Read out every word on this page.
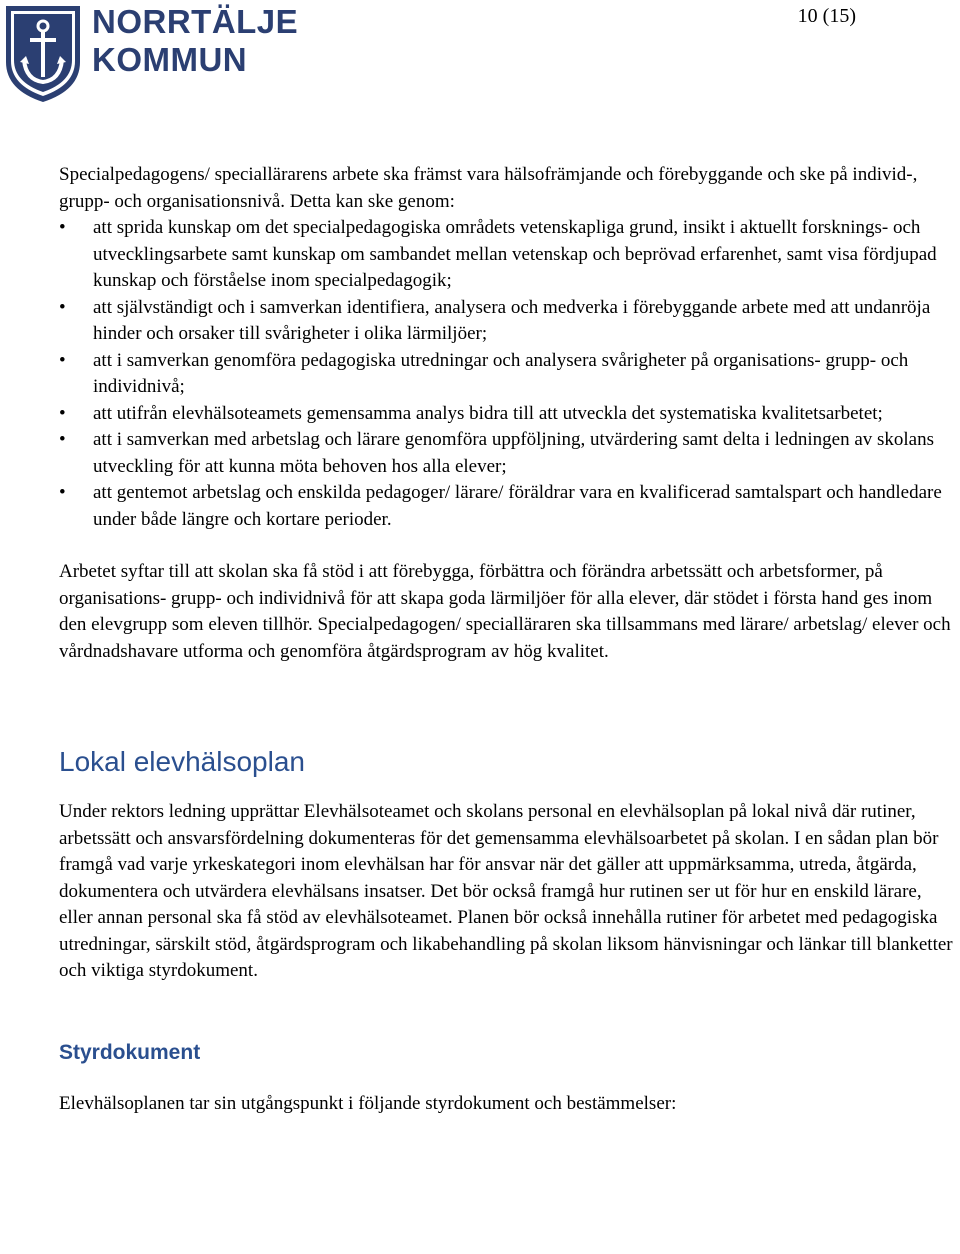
NORRTÄLJE
KOMMUN
10 (15)

Specialpedagogens/ speciallärarens arbete ska främst vara hälsofrämjande och förebyggande och ske på individ-, grupp- och organisationsnivå. Detta kan ske genom:

• att sprida kunskap om det specialpedagogiska områdets vetenskapliga grund, insikt i aktuellt forsknings- och utvecklingsarbete samt kunskap om sambandet mellan vetenskap och beprövad erfarenhet, samt visa fördjupad kunskap och förståelse inom specialpedagogik;
• att självständigt och i samverkan identifiera, analysera och medverka i förebyggande arbete med att undanröja hinder och orsaker till svårigheter i olika lärmiljöer;
• att i samverkan genomföra pedagogiska utredningar och analysera svårigheter på organisations- grupp- och individnivå;
• att utifrån elevhälsoteamets gemensamma analys bidra till att utveckla det systematiska kvalitetsarbetet;
• att i samverkan med arbetslag och lärare genomföra uppföljning, utvärdering samt delta i ledningen av skolans utveckling för att kunna möta behoven hos alla elever;
• att gentemot arbetslag och enskilda pedagoger/ lärare/ föräldrar vara en kvalificerad samtalspart och handledare under både längre och kortare perioder.

Arbetet syftar till att skolan ska få stöd i att förebygga, förbättra och förändra arbetssätt och arbetsformer, på organisations- grupp- och individnivå för att skapa goda lärmiljöer för alla elever, där stödet i första hand ges inom den elevgrupp som eleven tillhör. Specialpedagogen/ specialläraren ska tillsammans med lärare/ arbetslag/ elever och vårdnadshavare utforma och genomföra åtgärdsprogram av hög kvalitet.

Lokal elevhälsoplan

Under rektors ledning upprättar Elevhälsoteamet och skolans personal en elevhälsoplan på lokal nivå där rutiner, arbetssätt och ansvarsfördelning dokumenteras för det gemensamma elevhälsoarbetet på skolan. I en sådan plan bör framgå vad varje yrkeskategori inom elevhälsan har för ansvar när det gäller att uppmärksamma, utreda, åtgärda, dokumentera och utvärdera elevhälsans insatser. Det bör också framgå hur rutinen ser ut för hur en enskild lärare, eller annan personal ska få stöd av elevhälsoteamet. Planen bör också innehålla rutiner för arbetet med pedagogiska utredningar, särskilt stöd, åtgärdsprogram och likabehandling på skolan liksom hänvisningar och länkar till blanketter och viktiga styrdokument.

Styrdokument

Elevhälsoplanen tar sin utgångspunkt i följande styrdokument och bestämmelser:
